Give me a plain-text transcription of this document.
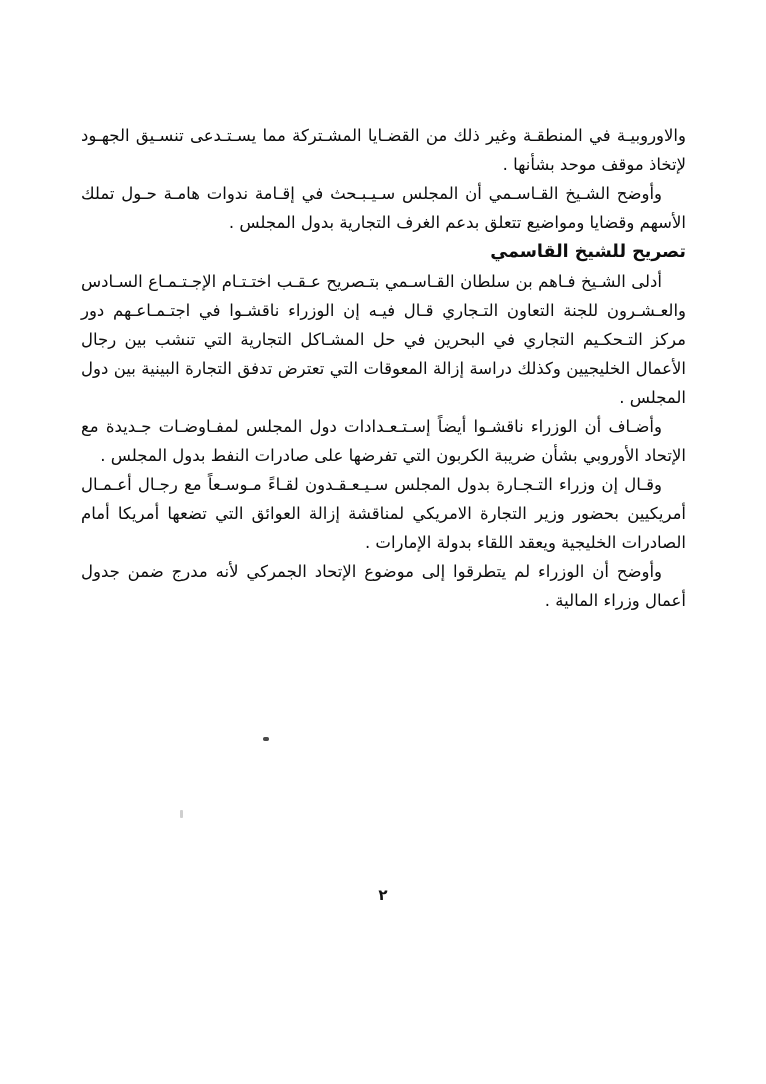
والاوروبيـة في المنطقـة وغير ذلك من القضـايا المشـتركة مما يسـتـدعى تنسـيق الجهـود لإتخاذ موقف موحد بشأنها .

وأوضح الشـيخ القـاسـمي أن المجلس سـيـبـحث في إقـامة ندوات هامـة حـول تملك الأسهم وقضايا ومواضيع تتعلق بدعم الغرف التجارية بدول المجلس .

تصريح للشيخ القاسمي

أدلى الشـيخ فـاهم بن سلطان القـاسـمي بتـصريح عـقـب اختـتـام الإجـتـمـاع السـادس والعـشـرون للجنة التعاون التـجاري قـال فيـه إن الوزراء ناقشـوا في اجتـمـاعـهم دور مركز التـحكـيم التجاري في البحرين في حل المشـاكل التجارية التي تنشب بين رجال الأعمال الخليجيين وكذلك دراسة إزالة المعوقات التي تعترض تدفق التجارة البينية بين دول المجلس .

وأضـاف أن الوزراء ناقشـوا أيضاً إسـتـعـدادات دول المجلس لمفـاوضـات جـديدة مع الإتحاد الأوروبي بشأن ضريبة الكربون التي تفرضها على صادرات النفط بدول المجلس .

وقـال إن وزراء التـجـارة بدول المجلس سـيـعـقـدون لقـاءً مـوسـعاً مع رجـال أعـمـال أمريكيين بحضور وزير التجارة الامريكي لمناقشة إزالة العوائق التي تضعها أمريكا أمام الصادرات الخليجية ويعقد اللقاء بدولة الإمارات .

وأوضح أن الوزراء لم يتطرقوا إلى موضوع الإتحاد الجمركي لأنه مدرج ضمن جدول أعمال وزراء المالية .

٢
